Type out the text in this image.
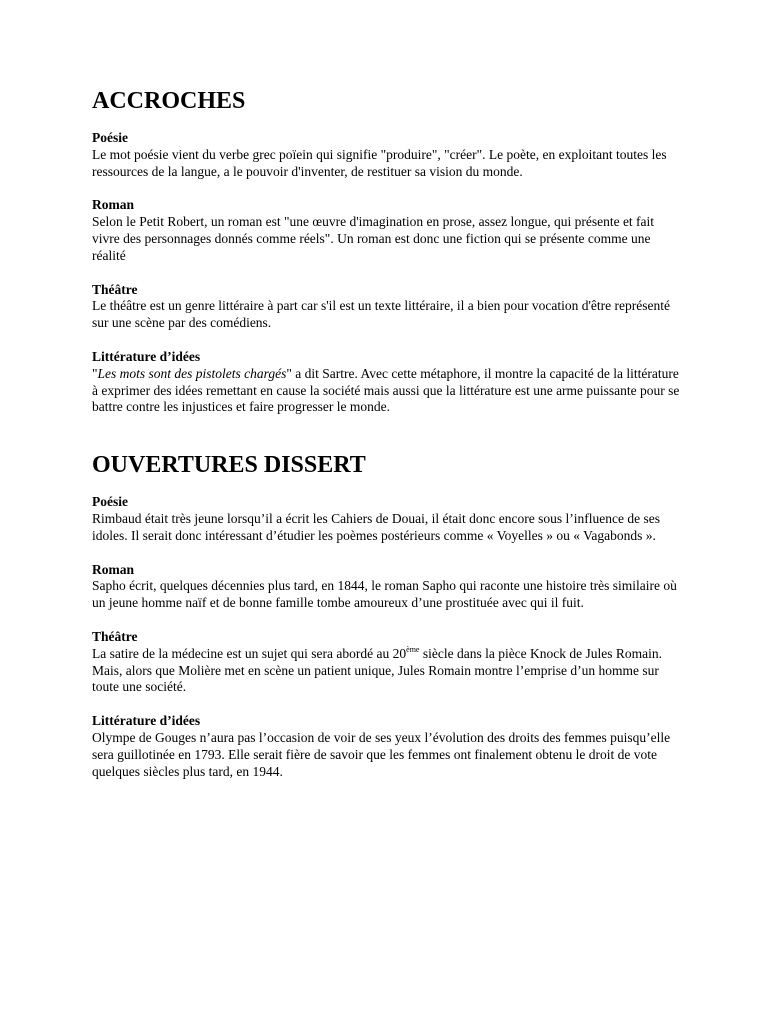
ACCROCHES

Poésie

Le mot poésie vient du verbe grec poïein qui signifie "produire", "créer". Le poète, en exploitant toutes les ressources de la langue, a le pouvoir d'inventer, de restituer sa vision du monde.

Roman

Selon le Petit Robert, un roman est "une œuvre d'imagination en prose, assez longue, qui présente et fait vivre des personnages donnés comme réels". Un roman est donc une fiction qui se présente comme une réalité

Théâtre

Le théâtre est un genre littéraire à part car s'il est un texte littéraire, il a bien pour vocation d'être représenté sur une scène par des comédiens.

Littérature d’idées

"Les mots sont des pistolets chargés" a dit Sartre. Avec cette métaphore, il montre la capacité de la littérature à exprimer des idées remettant en cause la société mais aussi que la littérature est une arme puissante pour se battre contre les injustices et faire progresser le monde.

OUVERTURES DISSERT

Poésie

Rimbaud était très jeune lorsqu’il a écrit les Cahiers de Douai, il était donc encore sous l’influence de ses idoles. Il serait donc intéressant d’étudier les poèmes postérieurs comme « Voyelles » ou « Vagabonds ».

Roman

Sapho écrit, quelques décennies plus tard, en 1844, le roman Sapho qui raconte une histoire très similaire où un jeune homme naïf et de bonne famille tombe amoureux d’une prostituée avec qui il fuit.

Théâtre

La satire de la médecine est un sujet qui sera abordé au 20ème siècle dans la pièce Knock de Jules Romain. Mais, alors que Molière met en scène un patient unique, Jules Romain montre l’emprise d’un homme sur toute une société.

Littérature d’idées

Olympe de Gouges n’aura pas l’occasion de voir de ses yeux l’évolution des droits des femmes puisqu’elle sera guillotinée en 1793. Elle serait fière de savoir que les femmes ont finalement obtenu le droit de vote quelques siècles plus tard, en 1944.
